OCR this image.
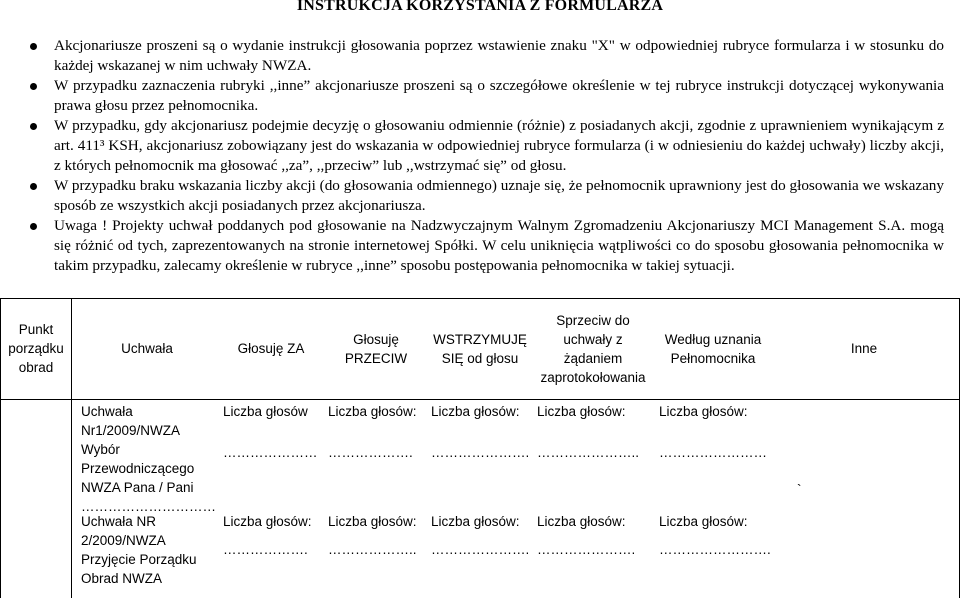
INSTRUKCJA KORZYSTANIA Z FORMULARZA
Akcjonariusze proszeni są o wydanie instrukcji głosowania poprzez wstawienie znaku "X" w odpowiedniej rubryce formularza i w stosunku do każdej wskazanej w nim uchwały NWZA.
W przypadku zaznaczenia rubryki ,,inne” akcjonariusze proszeni są o szczegółowe określenie w tej rubryce instrukcji dotyczącej wykonywania prawa głosu przez pełnomocnika.
W przypadku, gdy akcjonariusz podejmie decyzję o głosowaniu odmiennie (różnie) z posiadanych akcji, zgodnie z uprawnieniem wynikającym z art. 411³ KSH, akcjonariusz zobowiązany jest do wskazania w odpowiedniej rubryce formularza (i w odniesieniu do każdej uchwały) liczby akcji, z których pełnomocnik ma głosować ,,za”, ,,przeciw” lub ,,wstrzymać się” od głosu.
W przypadku braku wskazania liczby akcji (do głosowania odmiennego) uznaje się, że pełnomocnik uprawniony jest do głosowania we wskazany sposób ze wszystkich akcji posiadanych przez akcjonariusza.
Uwaga ! Projekty uchwał poddanych pod głosowanie na Nadzwyczajnym Walnym Zgromadzeniu Akcjonariuszy MCI Management S.A. mogą się różnić od tych, zaprezentowanych na stronie internetowej Spółki. W celu uniknięcia wątpliwości co do sposobu głosowania pełnomocnika w takim przypadku, zalecamy określenie w rubryce ,,inne” sposobu postępowania pełnomocnika w takiej sytuacji.
Punkt porządku obrad
Uchwała	Głosuję ZA
Głosuję PRZECIW
WSTRZYMUJĘ SIĘ od głosu
Sprzeciw do uchwały z żądaniem zaprotokołowania
Według uznania Pełnomocnika
Inne
Uchwała
Nr1/2009/NWZA
Wybór
Przewodniczącego
NWZA Pana / Pani
…………………………
Liczba głosów
…………………
Liczba głosów:
……………….
Liczba głosów:
………………….
Liczba głosów:
…………………..
Liczba głosów:
……………………
`
Uchwała NR
2/2009/NWZA
Przyjęcie Porządku
Obrad NWZA
Liczba głosów:
……………….
Liczba głosów:
………………..
Liczba głosów:
………………….
Liczba głosów:
………………….
Liczba głosów:
…………………….
